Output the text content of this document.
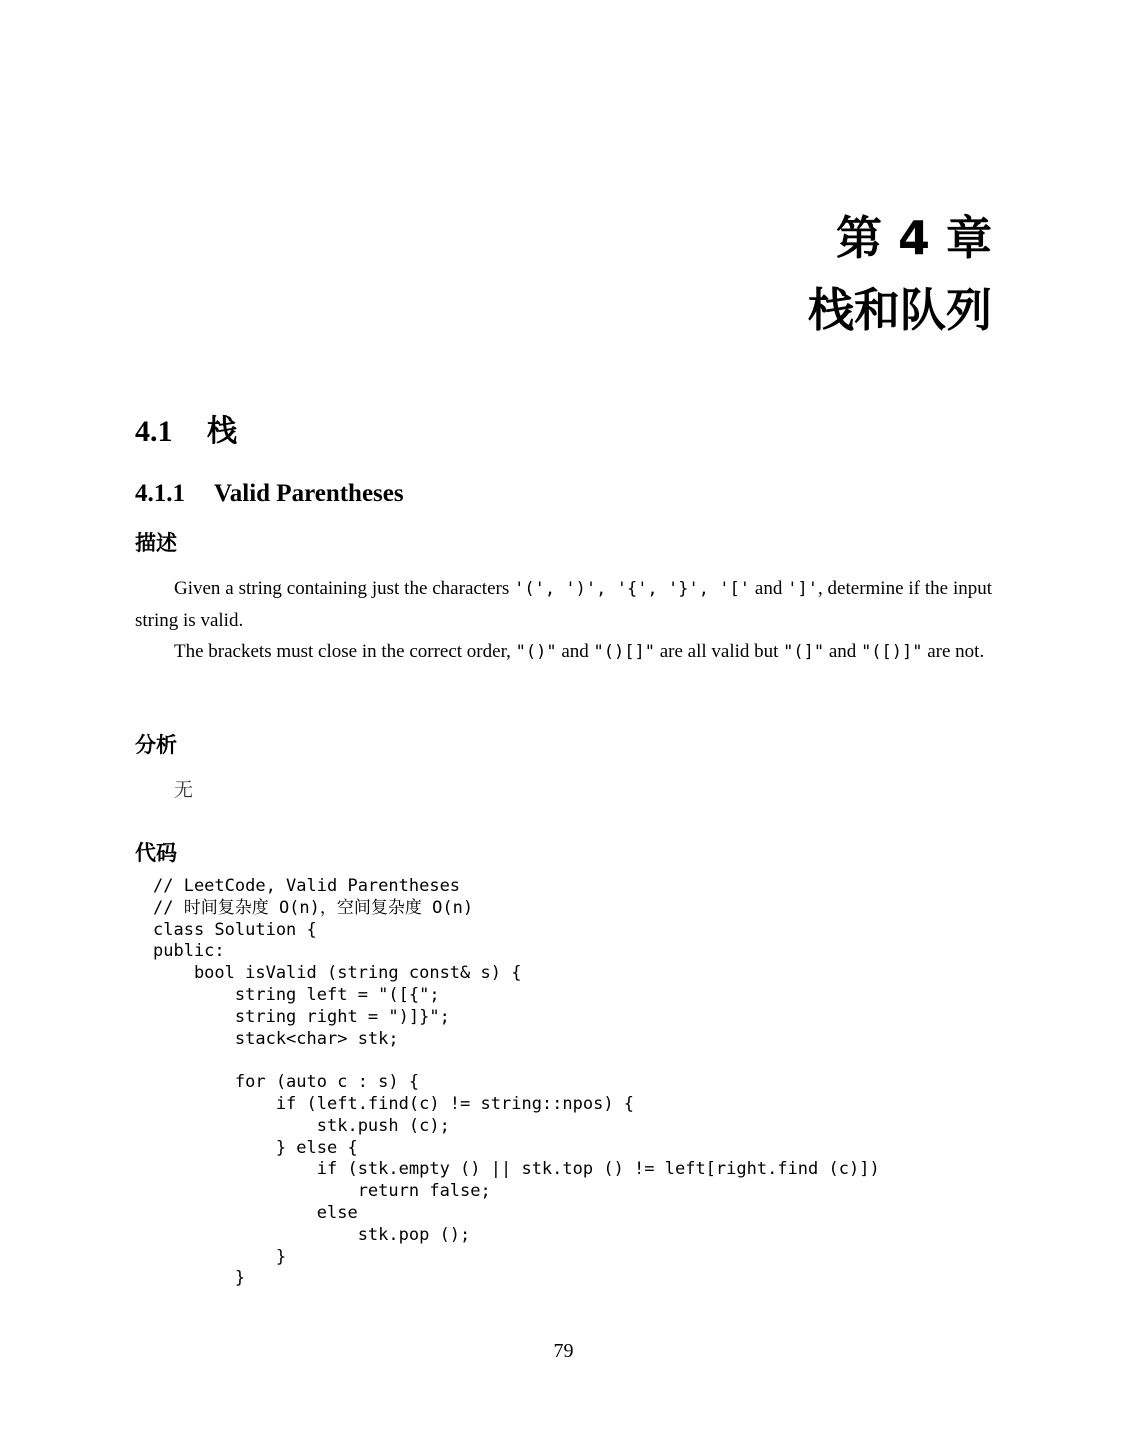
第 4 章
栈和队列
4.1 栈
4.1.1 Valid Parentheses
描述

Given a string containing just the characters '(', ')', '{', '}', '[' and ']', determine if the input string is valid.

The brackets must close in the correct order, "()" and "()[]" are all valid but "(]" and "([)]" are not.

分析
无
代码
// LeetCode, Valid Parentheses
// 时间复杂度 O(n)，空间复杂度 O(n)
class Solution {
public:
bool isValid (string const& s) {
string left = "([{";
string right = ")]}";
stack<char> stk;

for (auto c : s) {
if (left.find(c) != string::npos) {
stk.push (c);
} else {
if (stk.empty () || stk.top () != left[right.find (c)])
return false;
else
stk.pop ();
}
}
79
